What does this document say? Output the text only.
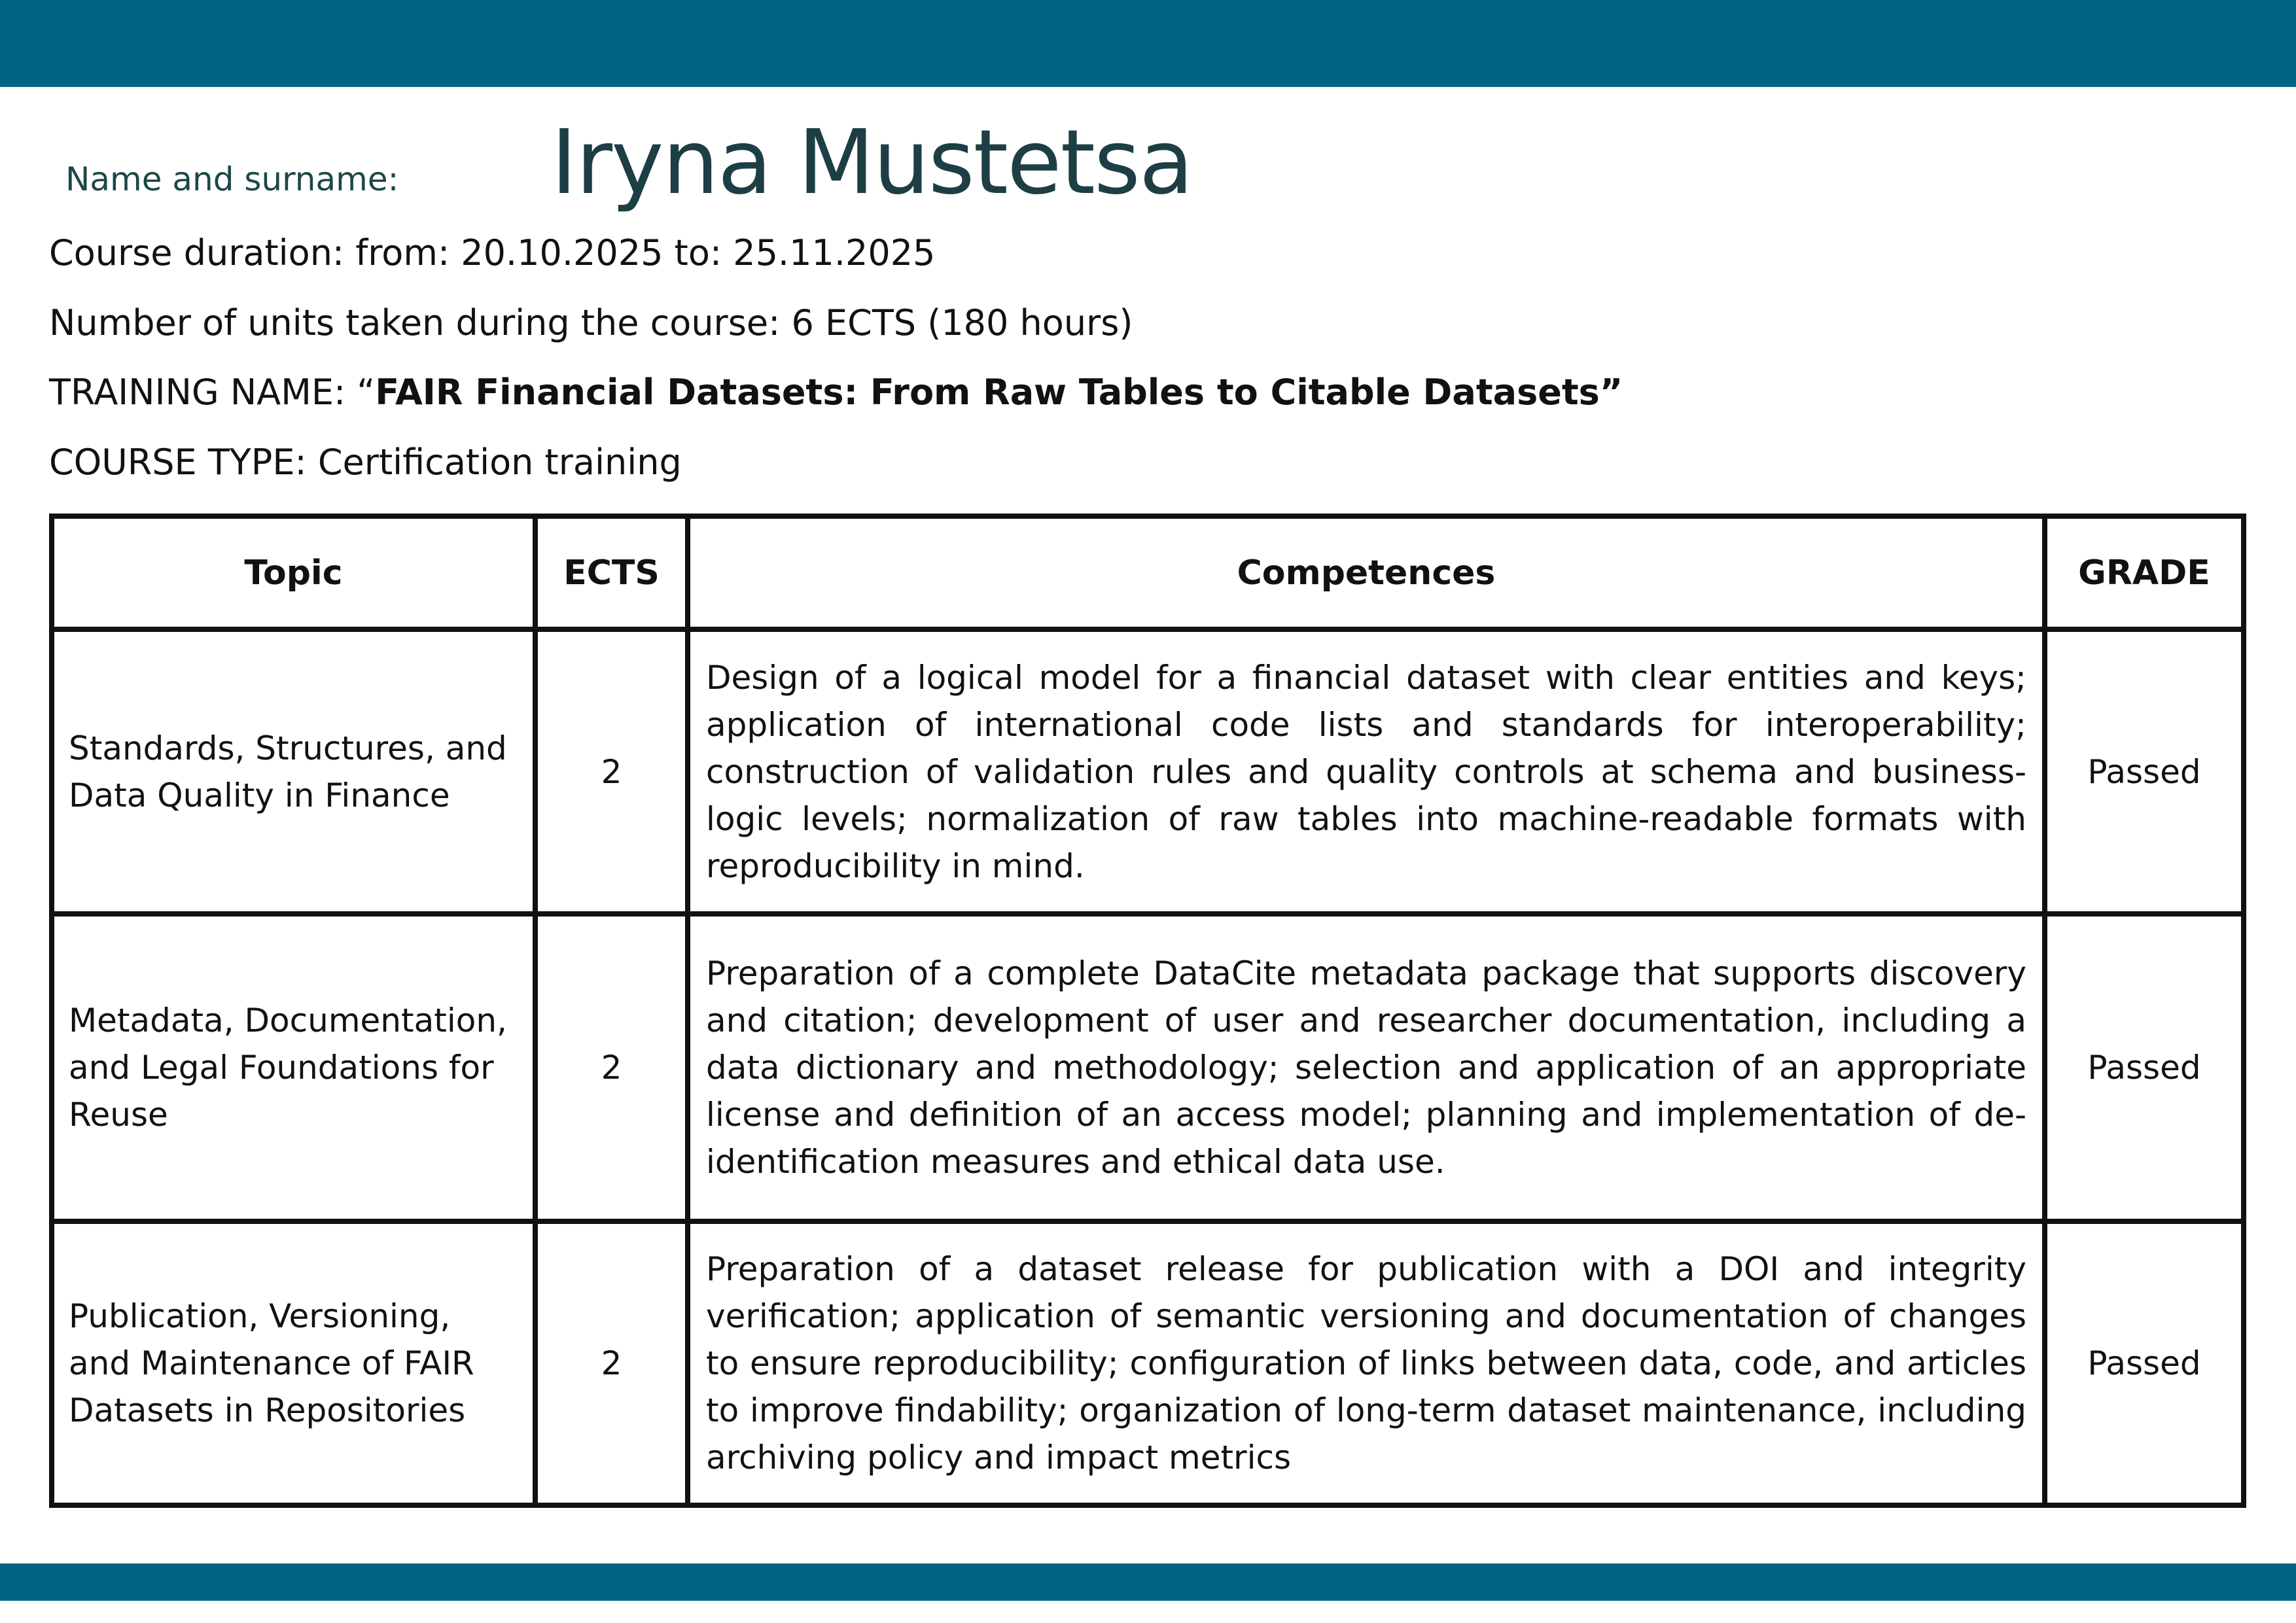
Name and surname: Iryna Mustetsa
Course duration: from: 20.10.2025 to: 25.11.2025
Number of units taken during the course: 6 ECTS (180 hours)
TRAINING NAME: “FAIR Financial Datasets: From Raw Tables to Citable Datasets”
COURSE TYPE: Certification training
Topic	ECTS	Competences	GRADE
Standards, Structures, and Data Quality in Finance	2	Design of a logical model for a financial dataset with clear entities and keys; application of international code lists and standards for interoperability; construction of validation rules and quality controls at schema and business-logic levels; normalization of raw tables into machine-readable formats with reproducibility in mind.	Passed
Metadata, Documentation, and Legal Foundations for Reuse	2	Preparation of a complete DataCite metadata package that supports discovery and citation; development of user and researcher documentation, including a data dictionary and methodology; selection and application of an appropriate license and definition of an access model; planning and implementation of de-identification measures and ethical data use.	Passed
Publication, Versioning, and Maintenance of FAIR Datasets in Repositories	2	Preparation of a dataset release for publication with a DOI and integrity verification; application of semantic versioning and documentation of changes to ensure reproducibility; configuration of links between data, code, and articles to improve findability; organization of long-term dataset maintenance, including archiving policy and impact metrics	Passed
